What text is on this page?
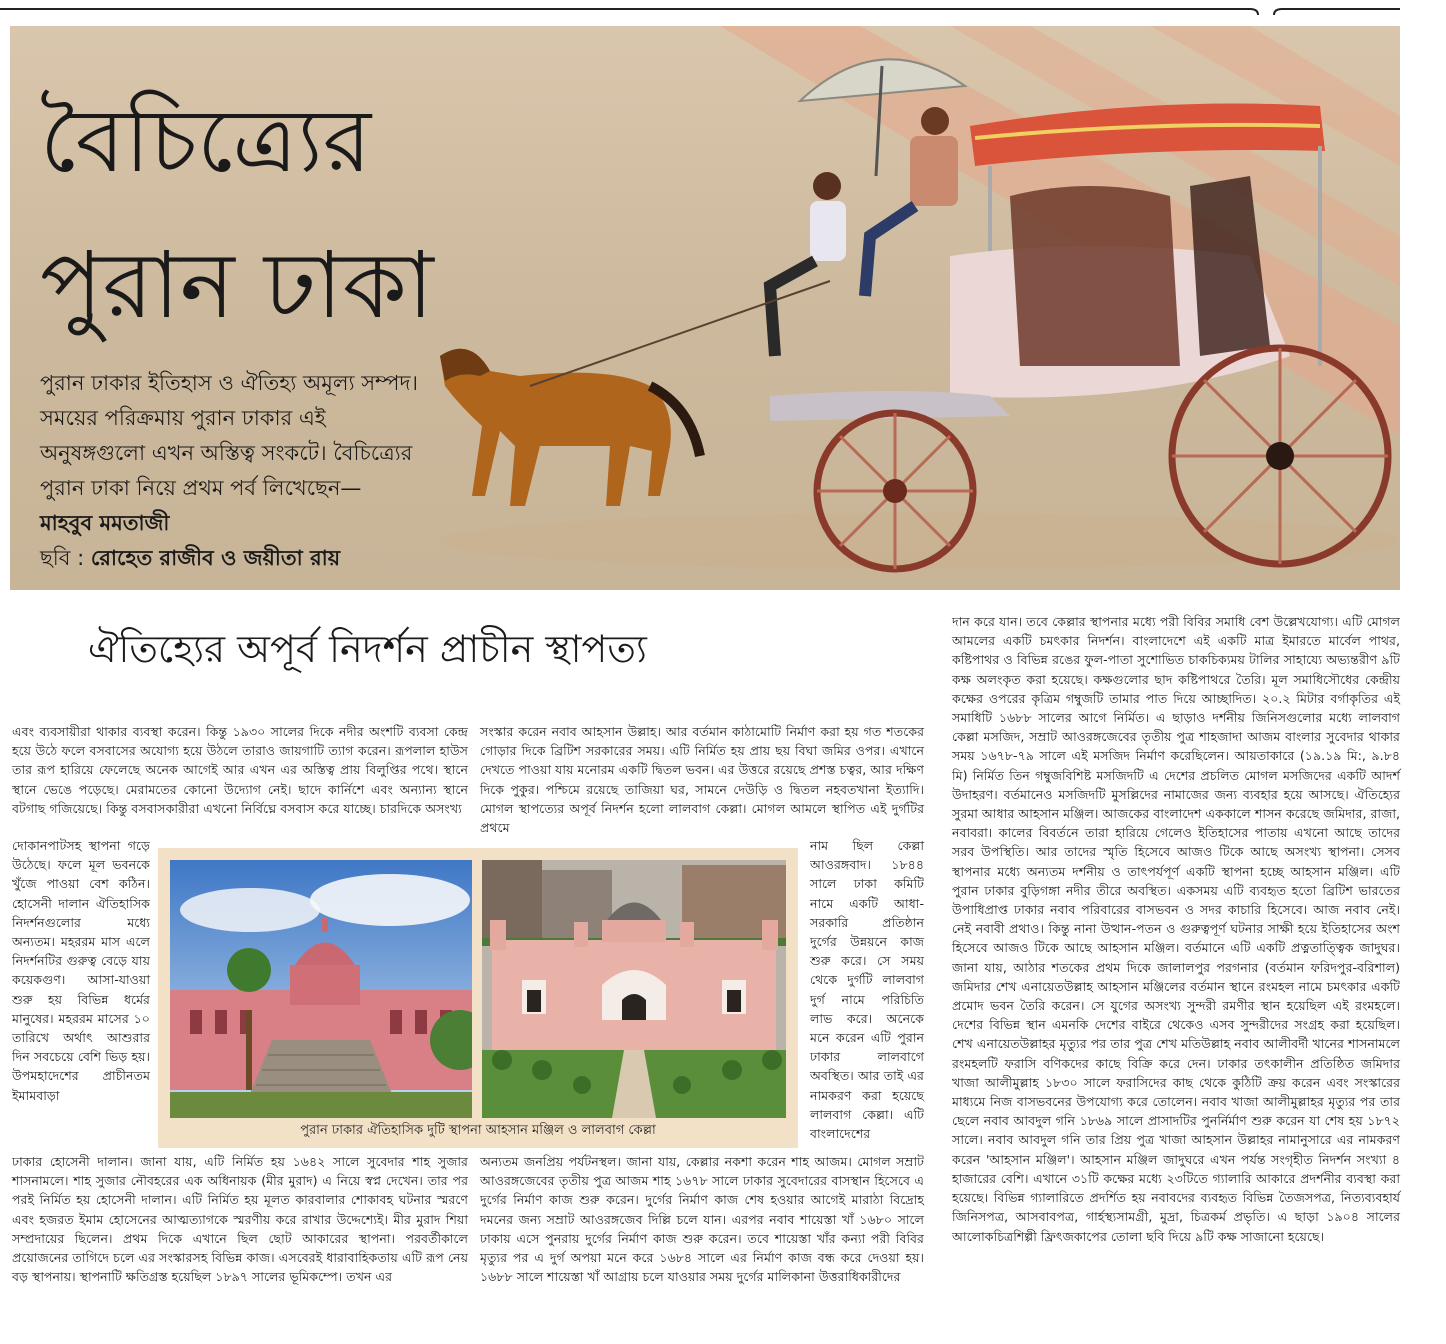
বৈচিত্র্যের
পুরান ঢাকা
পুরান ঢাকার ইতিহাস ও ঐতিহ্য অমূল্য সম্পদ। সময়ের পরিক্রমায় পুরান ঢাকার এই অনুষঙ্গগুলো এখন অস্তিত্ব সংকটে। বৈচিত্র্যের পুরান ঢাকা নিয়ে প্রথম পর্ব লিখেছেন— মাহবুব মমতাজী
ছবি : রোহেত রাজীব ও জয়ীতা রায়
ঐতিহ্যের অপূর্ব নিদর্শন প্রাচীন স্থাপত্য

এবং ব্যবসায়ীরা থাকার ব্যবস্থা করেন। কিন্তু ১৯৩০ সালের দিকে নদীর অংশটি ব্যবসা কেন্দ্র হয়ে উঠে ফলে বসবাসের অযোগ্য হয়ে উঠলে তারাও জায়গাটি ত্যাগ করেন। রূপলাল হাউস তার রূপ হারিয়ে ফেলেছে অনেক আগেই আর এখন এর অস্তিত্ব প্রায় বিলুপ্তির পথে। স্থানে স্থানে ভেঙে পড়েছে। মেরামতের কোনো উদ্যোগ নেই। ছাদে কার্নিশে এবং অন্যান্য স্থানে বটগাছ গজিয়েছে। কিন্তু বসবাসকারীরা এখনো নির্বিঘ্নে বসবাস করে যাচ্ছে। চারদিকে অসংখ্য

সংস্কার করেন নবাব আহসান উল্লাহ। আর বর্তমান কাঠামোটি নির্মাণ করা হয় গত শতকের গোড়ার দিকে ব্রিটিশ সরকারের সময়। এটি নির্মিত হয় প্রায় ছয় বিঘা জমির ওপর। এখানে দেখতে পাওয়া যায় মনোরম একটি দ্বিতল ভবন। এর উত্তরে রয়েছে প্রশস্ত চত্বর, আর দক্ষিণ দিকে পুকুর। পশ্চিমে রয়েছে তাজিয়া ঘর, সামনে দেউড়ি ও দ্বিতল নহবতখানা ইত্যাদি। মোগল স্থাপত্যের অপূর্ব নিদর্শন হলো লালবাগ কেল্লা। মোগল আমলে স্থাপিত এই দুর্গটির প্রথমে

দোকানপাটসহ স্থাপনা গড়ে উঠেছে। ফলে মূল ভবনকে খুঁজে পাওয়া বেশ কঠিন। হোসেনী দালান ঐতিহাসিক নিদর্শনগুলোর মধ্যে অন্যতম। মহররম মাস এলে নিদর্শনটির গুরুত্ব বেড়ে যায় কয়েকগুণ। আসা-যাওয়া শুরু হয় বিভিন্ন ধর্মের মানুষের। মহররম মাসের ১০ তারিখে অর্থাৎ আশুরার দিন সবচেয়ে বেশি ভিড় হয়। উপমহাদেশের প্রাচীনতম ইমামবাড়া

নাম ছিল কেল্লা আওরঙ্গবাদ। ১৮৪৪ সালে ঢাকা কমিটি নামে একটি আধা-সরকারি প্রতিষ্ঠান দুর্গের উন্নয়নে কাজ শুরু করে। সে সময় থেকে দুর্গটি লালবাগ দুর্গ নামে পরিচিতি লাভ করে। অনেকে মনে করেন এটি পুরান ঢাকার লালবাগে অবস্থিত। আর তাই এর নামকরণ করা হয়েছে লালবাগ কেল্লা। এটি বাংলাদেশের

পুরান ঢাকার ঐতিহাসিক দুটি স্থাপনা আহসান মঞ্জিল ও লালবাগ কেল্লা

ঢাকার হোসেনী দালান। জানা যায়, এটি নির্মিত হয় ১৬৪২ সালে সুবেদার শাহ সুজার শাসনামলে। শাহ সুজার নৌবহরের এক অধিনায়ক (মীর মুরাদ) এ নিয়ে স্বপ্ন দেখেন। তার পর পরই নির্মিত হয় হোসেনী দালান। এটি নির্মিত হয় মূলত কারবালার শোকাবহ ঘটনার স্মরণে এবং হজরত ইমাম হোসেনের আত্মত্যাগকে স্মরণীয় করে রাখার উদ্দেশ্যেই। মীর মুরাদ শিয়া সম্প্রদায়ের ছিলেন। প্রথম দিকে এখানে ছিল ছোট আকারের স্থাপনা। পরবর্তীকালে প্রয়োজনের তাগিদে চলে এর সংস্কারসহ বিভিন্ন কাজ। এসবেরই ধারাবাহিকতায় এটি রূপ নেয় বড় স্থাপনায়। স্থাপনাটি ক্ষতিগ্রস্ত হয়েছিল ১৮৯৭ সালের ভূমিকম্পে। তখন এর

অন্যতম জনপ্রিয় পর্যটনস্থল। জানা যায়, কেল্লার নকশা করেন শাহ আজম। মোগল সম্রাট আওরঙ্গজেবের তৃতীয় পুত্র আজম শাহ ১৬৭৮ সালে ঢাকার সুবেদারের বাসস্থান হিসেবে এ দুর্গের নির্মাণ কাজ শুরু করেন। দুর্গের নির্মাণ কাজ শেষ হওয়ার আগেই মারাঠা বিদ্রোহ দমনের জন্য সম্রাট আওরঙ্গজেব দিল্লি চলে যান। এরপর নবাব শায়েস্তা খাঁ ১৬৮০ সালে ঢাকায় এসে পুনরায় দুর্গের নির্মাণ কাজ শুরু করেন। তবে শায়েস্তা খাঁর কন্যা পরী বিবির মৃত্যুর পর এ দুর্গ অপয়া মনে করে ১৬৮৪ সালে এর নির্মাণ কাজ বন্ধ করে দেওয়া হয়। ১৬৮৮ সালে শায়েস্তা খাঁ আগ্রায় চলে যাওয়ার সময় দুর্গের মালিকানা উত্তরাধিকারীদের

দান করে যান। তবে কেল্লার স্থাপনার মধ্যে পরী বিবির সমাধি বেশ উল্লেখযোগ্য। এটি মোগল আমলের একটি চমৎকার নিদর্শন। বাংলাদেশে এই একটি মাত্র ইমারতে মার্বেল পাথর, কষ্টিপাথর ও বিভিন্ন রঙের ফুল-পাতা সুশোভিত চাকচিক্যময় টালির সাহায্যে অভ্যন্তরীণ ৯টি কক্ষ অলংকৃত করা হয়েছে। কক্ষগুলোর ছাদ কষ্টিপাথরে তৈরি। মূল সমাধিসৌধের কেন্দ্রীয় কক্ষের ওপরের কৃত্রিম গম্বুজটি তামার পাত দিয়ে আচ্ছাদিত। ২০.২ মিটার বর্গাকৃতির এই সমাধিটি ১৬৮৮ সালের আগে নির্মিত। এ ছাড়াও দর্শনীয় জিনিসগুলোর মধ্যে লালবাগ কেল্লা মসজিদ, সম্রাট আওরঙ্গজেবের তৃতীয় পুত্র শাহজাদা আজম বাংলার সুবেদার থাকার সময় ১৬৭৮-৭৯ সালে এই মসজিদ নির্মাণ করেছিলেন। আয়তাকারে (১৯.১৯ মি:, ৯.৮৪ মি) নির্মিত তিন গম্বুজবিশিষ্ট মসজিদটি এ দেশের প্রচলিত মোগল মসজিদের একটি আদর্শ উদাহরণ। বর্তমানেও মসজিদটি মুসল্লিদের নামাজের জন্য ব্যবহার হয়ে আসছে। ঐতিহ্যের সুরমা আধার আহসান মঞ্জিল। আজকের বাংলাদেশ এককালে শাসন করেছে জমিদার, রাজা, নবাবরা। কালের বিবর্তনে তারা হারিয়ে গেলেও ইতিহাসের পাতায় এখনো আছে তাদের সরব উপস্থিতি। আর তাদের স্মৃতি হিসেবে আজও টিকে আছে অসংখ্য স্থাপনা। সেসব স্থাপনার মধ্যে অন্যতম দর্শনীয় ও তাৎপর্যপূর্ণ একটি স্থাপনা হচ্ছে আহসান মঞ্জিল। এটি পুরান ঢাকার বুড়িগঙ্গা নদীর তীরে অবস্থিত। একসময় এটি ব্যবহৃত হতো ব্রিটিশ ভারতের উপাধিপ্রাপ্ত ঢাকার নবাব পরিবারের বাসভবন ও সদর কাচারি হিসেবে। আজ নবাব নেই। নেই নবাবী প্রথাও। কিন্তু নানা উত্থান-পতন ও গুরুত্বপূর্ণ ঘটনার সাক্ষী হয়ে ইতিহাসের অংশ হিসেবে আজও টিকে আছে আহসান মঞ্জিল। বর্তমানে এটি একটি প্রত্নতাত্ত্বিক জাদুঘর। জানা যায়, আঠার শতকের প্রথম দিকে জালালপুর পরগনার (বর্তমান ফরিদপুর-বরিশাল) জমিদার শেখ এনায়েতউল্লাহ আহসান মঞ্জিলের বর্তমান স্থানে রংমহল নামে চমৎকার একটি প্রমোদ ভবন তৈরি করেন। সে যুগের অসংখ্য সুন্দরী রমণীর স্থান হয়েছিল এই রংমহলে। দেশের বিভিন্ন স্থান এমনকি দেশের বাইরে থেকেও এসব সুন্দরীদের সংগ্রহ করা হয়েছিল। শেখ এনায়েতউল্লাহর মৃত্যুর পর তার পুত্র শেখ মতিউল্লাহ নবাব আলীবর্দী খানের শাসনামলে রংমহলটি ফরাসি বণিকদের কাছে বিক্রি করে দেন। ঢাকার তৎকালীন প্রতিষ্ঠিত জমিদার খাজা আলীমুল্লাহ ১৮৩০ সালে ফরাসিদের কাছ থেকে কুঠিটি ক্রয় করেন এবং সংস্কারের মাধ্যমে নিজ বাসভবনের উপযোগ্য করে তোলেন। নবাব খাজা আলীমুল্লাহর মৃত্যুর পর তার ছেলে নবাব আবদুল গনি ১৮৬৯ সালে প্রাসাদটির পুনর্নির্মাণ শুরু করেন যা শেষ হয় ১৮৭২ সালে। নবাব আবদুল গনি তার প্রিয় পুত্র খাজা আহসান উল্লাহর নামানুসারে এর নামকরণ করেন 'আহসান মঞ্জিল'। আহসান মঞ্জিল জাদুঘরে এখন পর্যন্ত সংগৃহীত নিদর্শন সংখ্যা ৪ হাজারের বেশি। এখানে ৩১টি কক্ষের মধ্যে ২৩টিতে গ্যালারি আকারে প্রদর্শনীর ব্যবস্থা করা হয়েছে। বিভিন্ন গ্যালারিতে প্রদর্শিত হয় নবাবদের ব্যবহৃত বিভিন্ন তৈজসপত্র, নিত্যব্যবহার্য জিনিসপত্র, আসবাবপত্র, গার্হস্থ্যসামগ্রী, মুদ্রা, চিত্রকর্ম প্রভৃতি। এ ছাড়া ১৯০৪ সালের আলোকচিত্রশিল্পী ফ্রিৎজকাপের তোলা ছবি দিয়ে ৯টি কক্ষ সাজানো হয়েছে।
